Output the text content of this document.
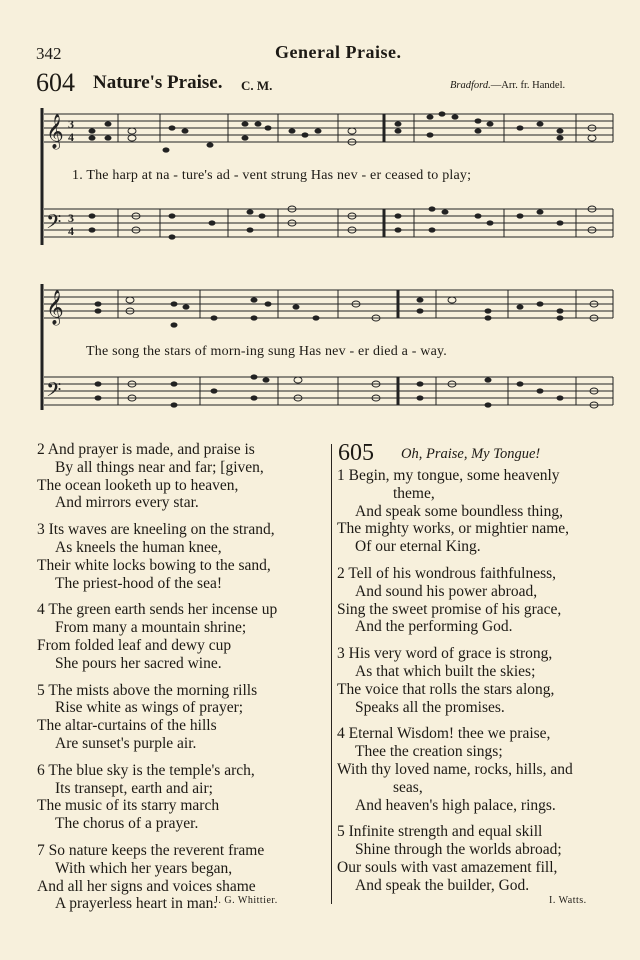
342	General Praise.
604 Nature's Praise. C. M.	Bradford.—Arr. fr. Handel.
𝄞
𝄢
3
4
3
4
𝄞
𝄢
1. The harp at na - ture's ad - vent strung Has nev - er ceased to play;
The song the stars of morn-ing sung Has nev - er died a - way.
2 And prayer is made, and praise is
By all things near and far; [given,
The ocean looketh up to heaven,
And mirrors every star.
3 Its waves are kneeling on the strand,
As kneels the human knee,
Their white locks bowing to the sand,
The priest-hood of the sea!
4 The green earth sends her incense up
From many a mountain shrine;
From folded leaf and dewy cup
She pours her sacred wine.
5 The mists above the morning rills
Rise white as wings of prayer;
The altar-curtains of the hills
Are sunset's purple air.
6 The blue sky is the temple's arch,
Its transept, earth and air;
The music of its starry march
The chorus of a prayer.
7 So nature keeps the reverent frame
With which her years began,
And all her signs and voices shame
A prayerless heart in man.
J. G. Whittier.
605 Oh, Praise, My Tongue!
1 Begin, my tongue, some heavenly
theme,
And speak some boundless thing,
The mighty works, or mightier name,
Of our eternal King.
2 Tell of his wondrous faithfulness,
And sound his power abroad,
Sing the sweet promise of his grace,
And the performing God.
3 His very word of grace is strong,
As that which built the skies;
The voice that rolls the stars along,
Speaks all the promises.
4 Eternal Wisdom! thee we praise,
Thee the creation sings;
With thy loved name, rocks, hills, and
seas,
And heaven's high palace, rings.
5 Infinite strength and equal skill
Shine through the worlds abroad;
Our souls with vast amazement fill,
And speak the builder, God.
I. Watts.
